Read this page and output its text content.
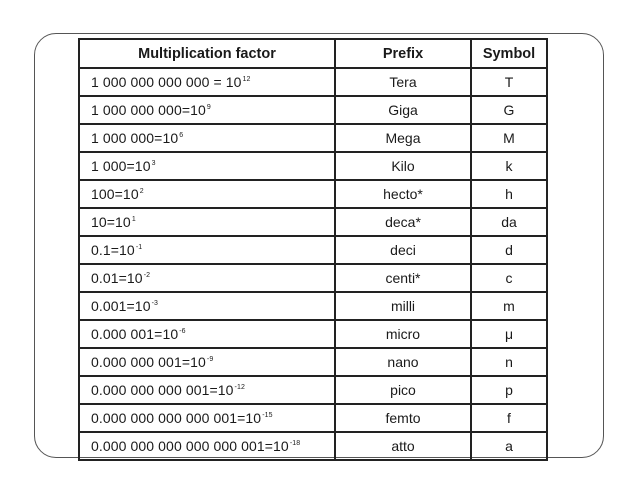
Multiplication factor	Prefix	Symbol
1 000 000 000 $000 = 10^{12}$	Tera	T
1 000 000 $000=10^9$	Giga	G
1 000 $000=10^6$	Mega	M
1 $000=10^3$	Kilo	k
$100=10^2$	hecto*	h
$10=10^1$	deca*	da
$0.1=10^{-1}$	deci	d
$0.01=10^{-2}$	centi*	c
$0.001=10^{-3}$	milli	m
0.000 $001=10^{-6}$	micro	μ
0.000 000 $001=10^{-9}$	nano	n
0.000 000 000 $001=10^{-12}$	pico	p
0.000 000 000 000 $001=10^{-15}$	femto	f
0.000 000 000 000 000 $001=10^{-18}$	atto	a
